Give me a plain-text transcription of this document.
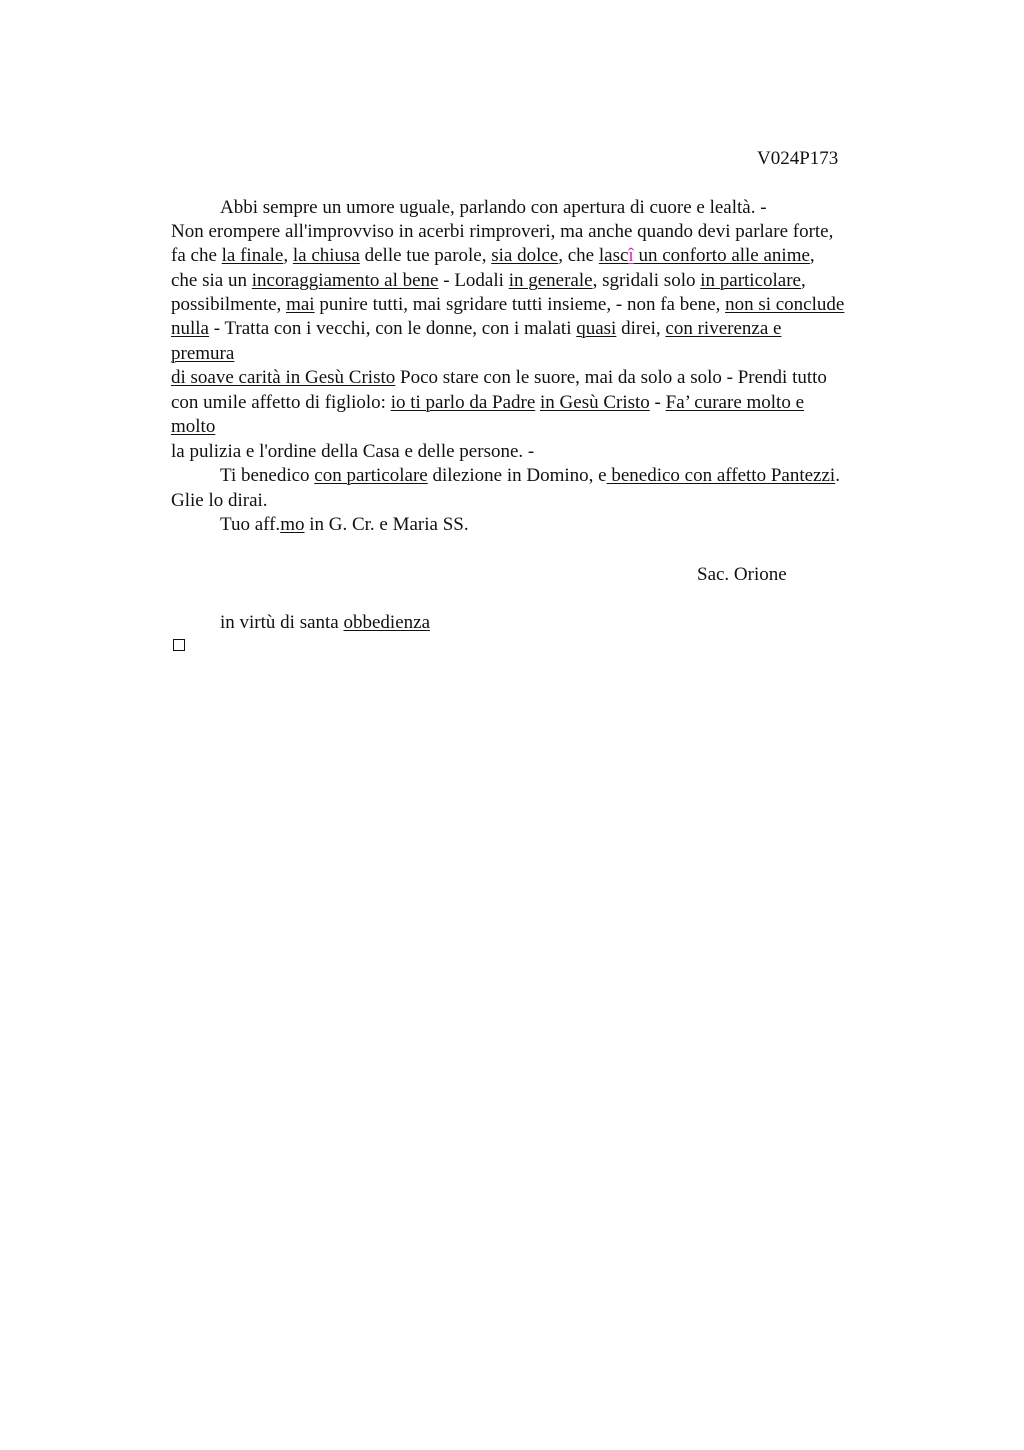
V024P173
Abbi sempre un umore uguale, parlando con apertura di cuore e lealtà. -
Non erompere all'improvviso in acerbi rimproveri, ma anche quando devi parlare forte,
fa che la finale, la chiusa delle tue parole, sia dolce, che lascî un conforto alle anime,
che sia un incoraggiamento al bene - Lodali in generale, sgridali solo in particolare,
possibilmente, mai punire tutti, mai sgridare tutti insieme, - non fa bene, non si conclude
nulla - Tratta con i vecchi, con le donne, con i malati quasi direi, con riverenza e
premura
di soave carità in Gesù Cristo Poco stare con le suore, mai da solo a solo - Prendi tutto
con umile affetto di figliolo: io ti parlo da Padre in Gesù Cristo - Fa’ curare molto e
molto
la pulizia e l'ordine della Casa e delle persone. -
Ti benedico con particolare dilezione in Domino, e benedico con affetto Pantezzi.
Glie lo dirai.
Tuo aff.mo in G. Cr. e Maria SS.
Sac. Orione
in virtù di santa obbedienza
